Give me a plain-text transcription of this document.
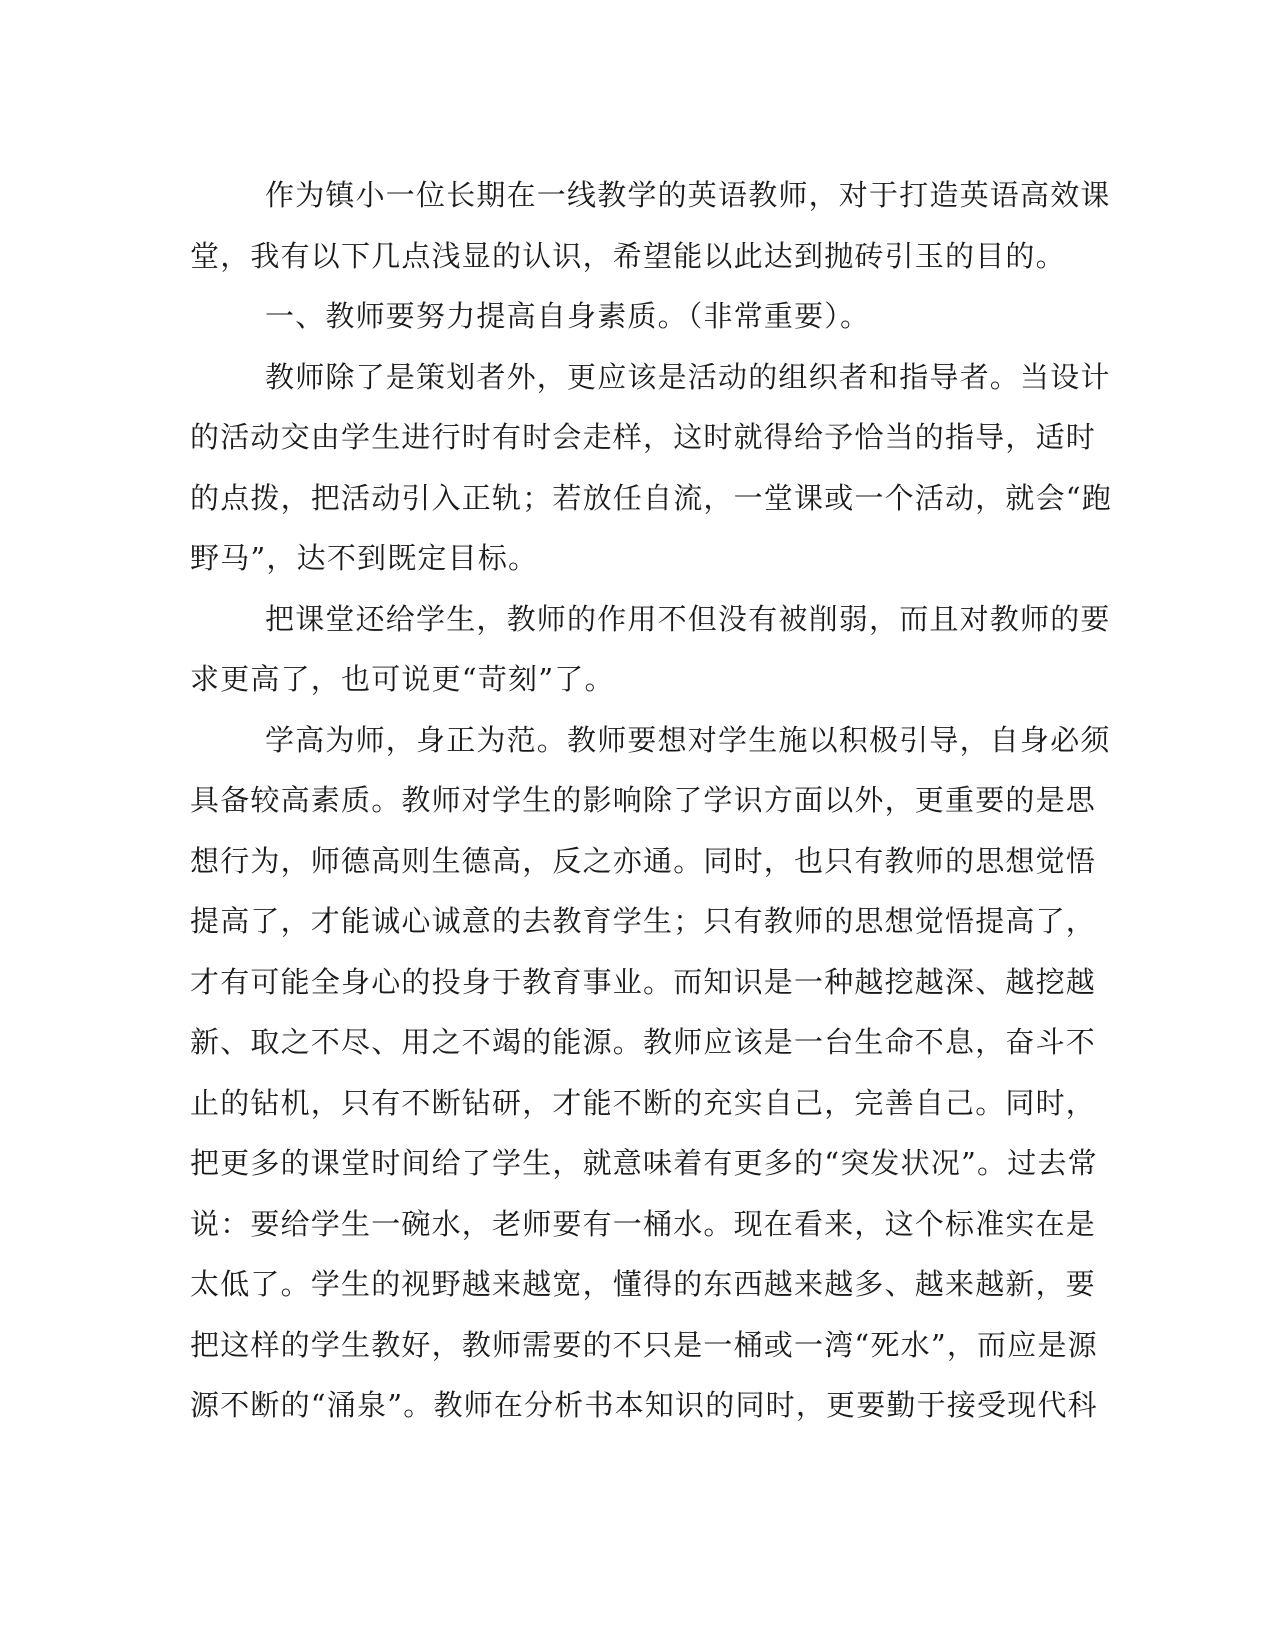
作为镇小一位长期在一线教学的英语教师，对于打造英语高效课
堂，我有以下几点浅显的认识，希望能以此达到抛砖引玉的目的。
一、教师要努力提高自身素质。（非常重要）。
教师除了是策划者外，更应该是活动的组织者和指导者。当设计
的活动交由学生进行时有时会走样，这时就得给予恰当的指导，适时
的点拨，把活动引入正轨；若放任自流，一堂课或一个活动，就会“跑
野马”，达不到既定目标。
把课堂还给学生，教师的作用不但没有被削弱，而且对教师的要
求更高了，也可说更“苛刻”了。
学高为师，身正为范。教师要想对学生施以积极引导，自身必须
具备较高素质。教师对学生的影响除了学识方面以外，更重要的是思
想行为，师德高则生德高，反之亦通。同时，也只有教师的思想觉悟
提高了，才能诚心诚意的去教育学生；只有教师的思想觉悟提高了，
才有可能全身心的投身于教育事业。而知识是一种越挖越深、越挖越
新、取之不尽、用之不竭的能源。教师应该是一台生命不息，奋斗不
止的钻机，只有不断钻研，才能不断的充实自己，完善自己。同时，
把更多的课堂时间给了学生，就意味着有更多的“突发状况”。过去常
说：要给学生一碗水，老师要有一桶水。现在看来，这个标准实在是
太低了。学生的视野越来越宽，懂得的东西越来越多、越来越新，要
把这样的学生教好，教师需要的不只是一桶或一湾“死水”，而应是源
源不断的“涌泉”。教师在分析书本知识的同时，更要勤于接受现代科
